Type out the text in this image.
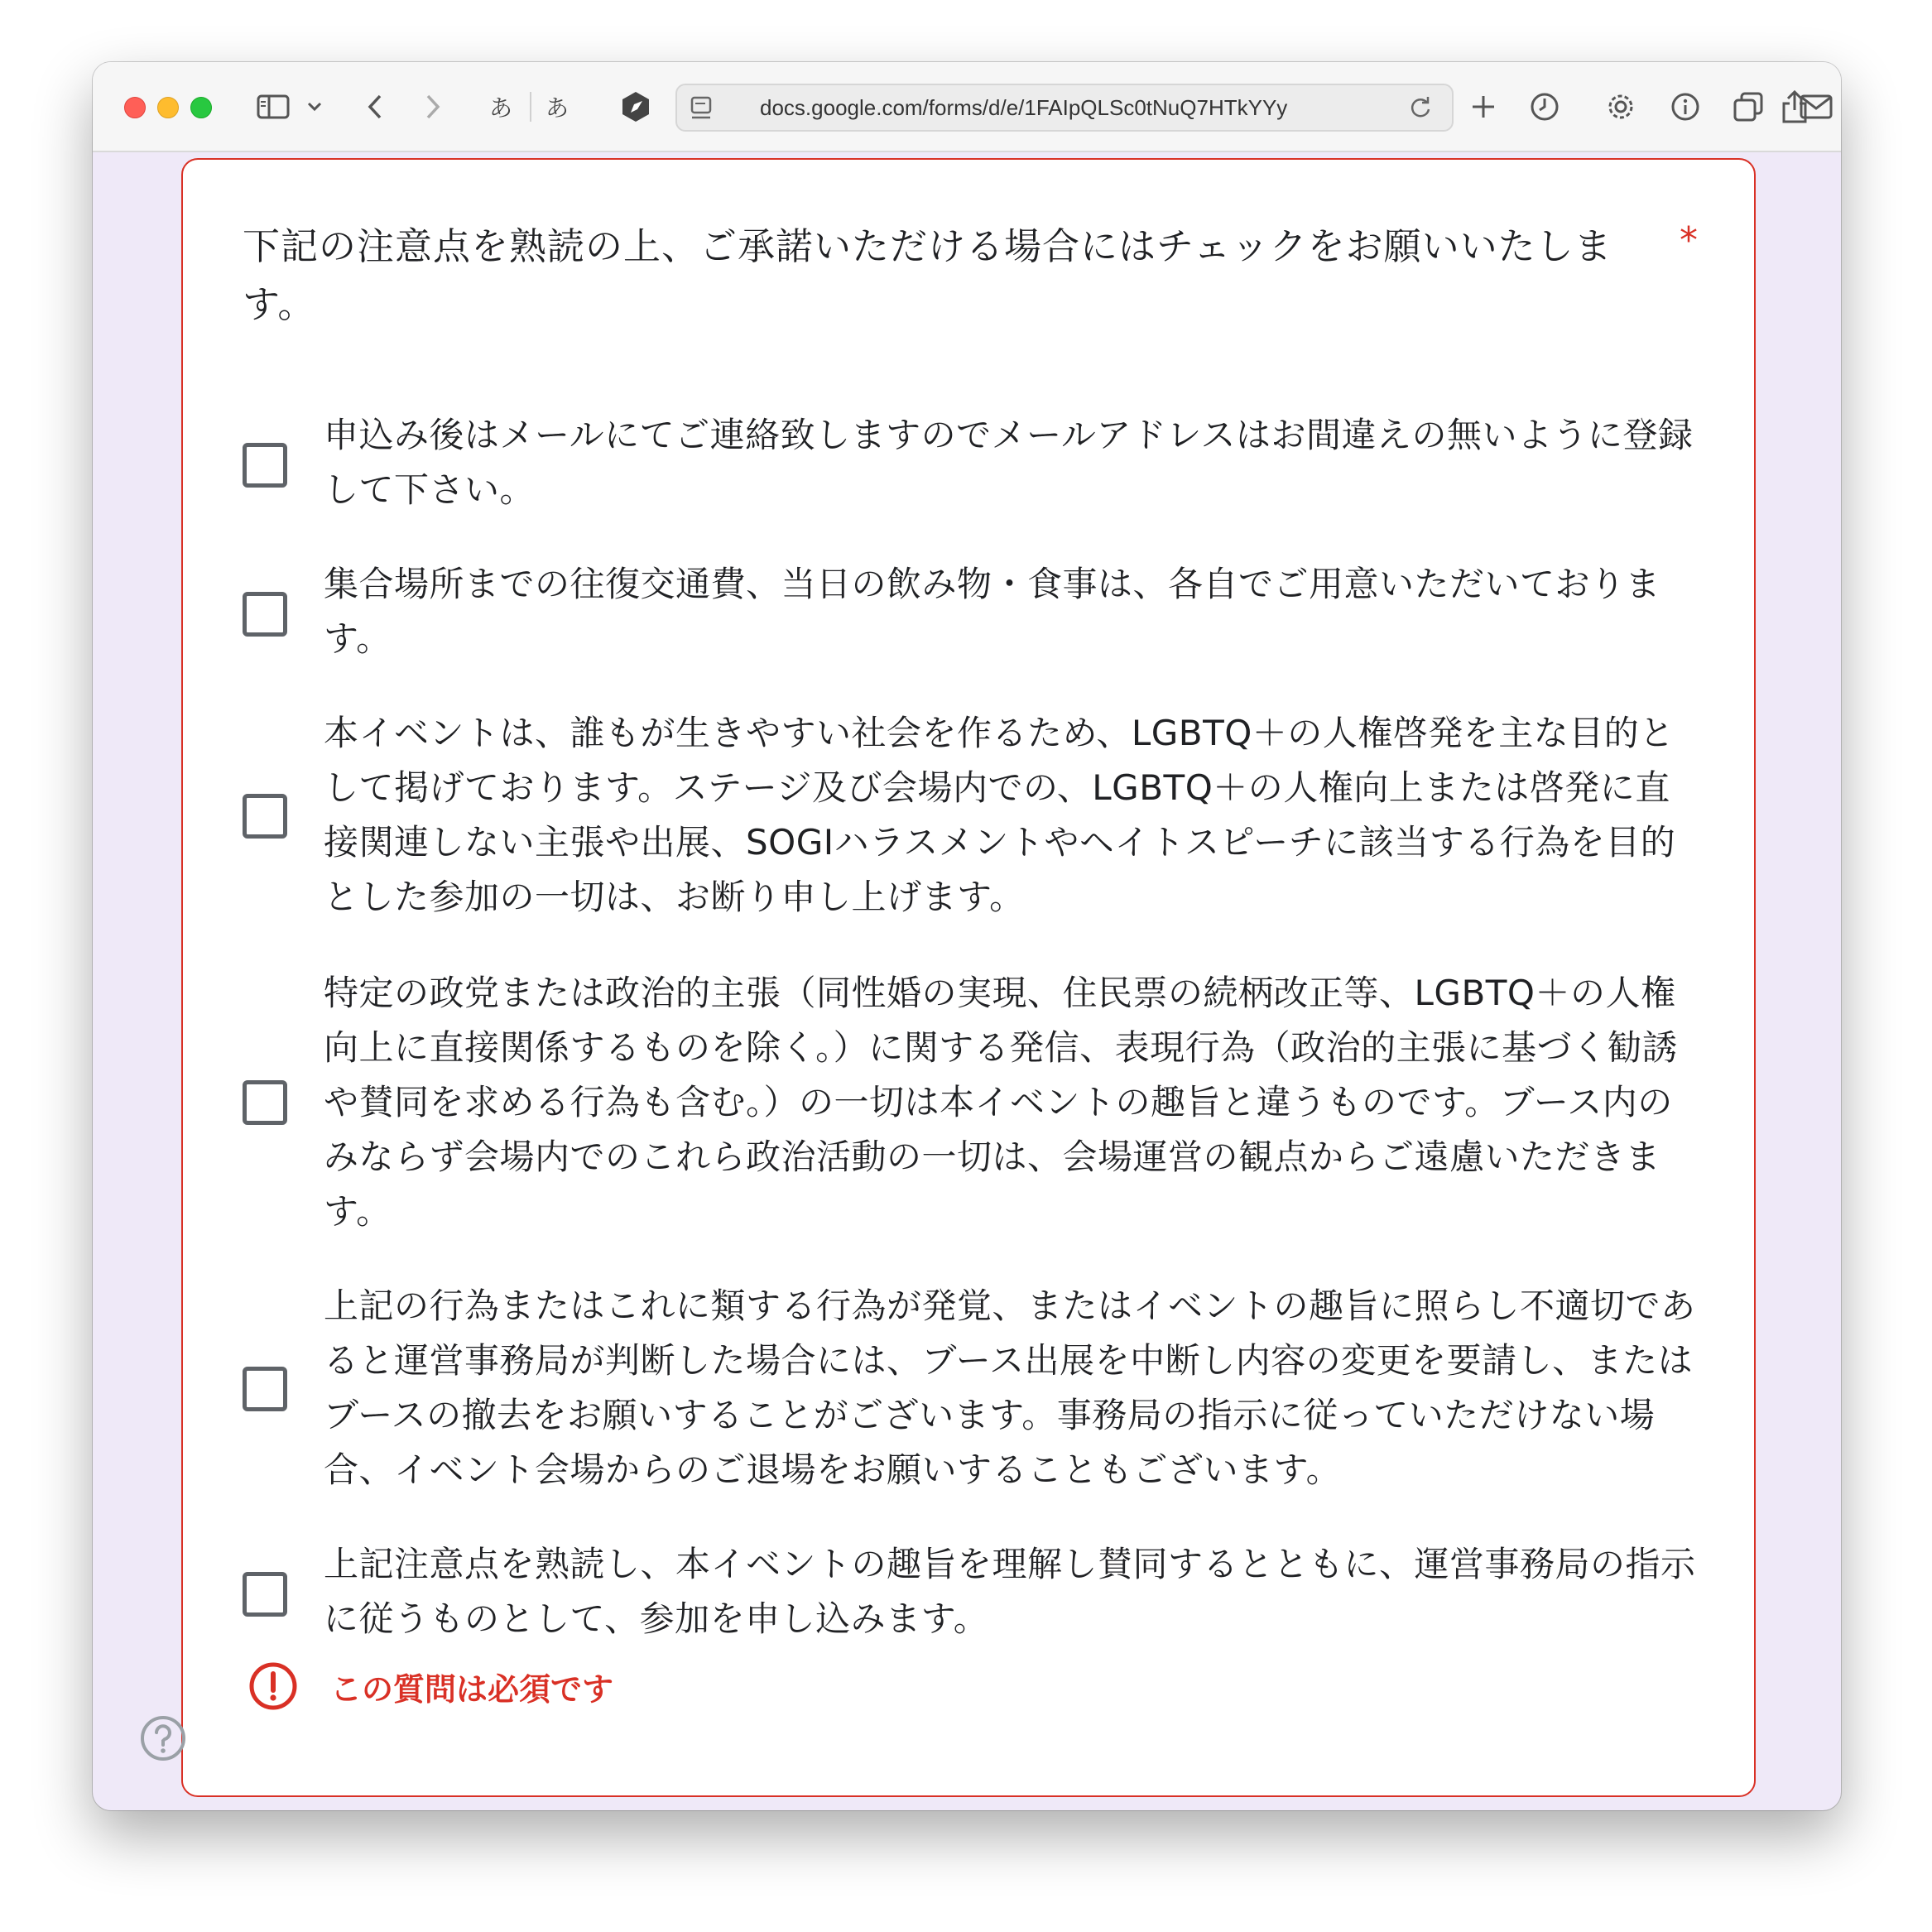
あ あ	docs.google.com/forms/d/e/1FAIpQLSc0tNuQ7HTkYYy
下記の注意点を熟読の上、ご承諾いただける場合にはチェックをお願いいたします。
*
申込み後はメールにてご連絡致しますのでメールアドレスはお間違えの無いように登録して下さい。
集合場所までの往復交通費、当日の飲み物・食事は、各自でご用意いただいております。
本イベントは、誰もが生きやすい社会を作るため、LGBTQ＋の人権啓発を主な目的として掲げております。ステージ及び会場内での、LGBTQ＋の人権向上または啓発に直接関連しない主張や出展、SOGIハラスメントやヘイトスピーチに該当する行為を目的とした参加の一切は、お断り申し上げます。
特定の政党または政治的主張（同性婚の実現、住民票の続柄改正等、LGBTQ＋の人権向上に直接関係するものを除く。）に関する発信、表現行為（政治的主張に基づく勧誘や賛同を求める行為も含む。）の一切は本イベントの趣旨と違うものです。ブース内のみならず会場内でのこれら政治活動の一切は、会場運営の観点からご遠慮いただきます。
上記の行為またはこれに類する行為が発覚、またはイベントの趣旨に照らし不適切であると運営事務局が判断した場合には、ブース出展を中断し内容の変更を要請し、またはブースの撤去をお願いすることがございます。事務局の指示に従っていただけない場合、イベント会場からのご退場をお願いすることもございます。
上記注意点を熟読し、本イベントの趣旨を理解し賛同するとともに、運営事務局の指示に従うものとして、参加を申し込みます。
この質問は必須です
